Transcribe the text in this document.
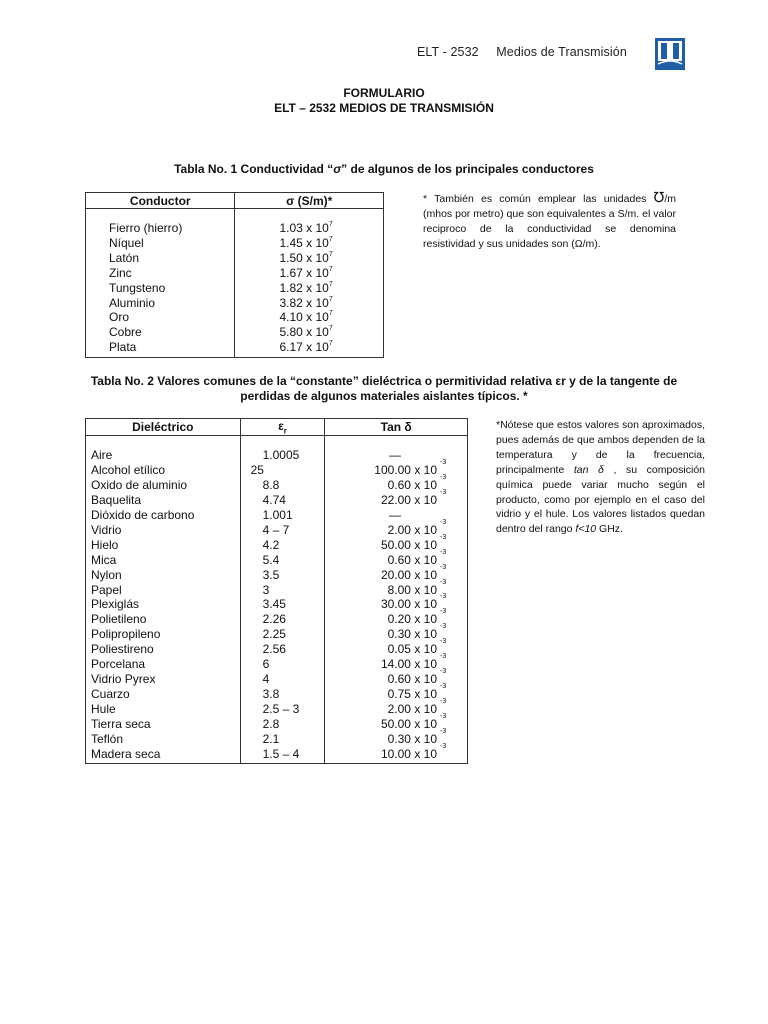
ELT - 2532 Medios de Transmisión
FORMULARIO
ELT – 2532 MEDIOS DE TRANSMISIÓN
Tabla No. 1 Conductividad “σ” de algunos de los principales conductores
Conductor	σ (S/m)*

Fierro (hierro)	1.03 x $10^7$
Níquel	1.45 x $10^7$
Latón	1.50 x $10^7$
Zinc	1.67 x $10^7$
Tungsteno	1.82 x $10^7$
Aluminio	3.82 x $10^7$
Oro	4.10 x $10^7$
Cobre	5.80 x $10^7$
Plata	6.17 x $10^7$
* También es común emplear las unidades ℧/m (mhos por metro) que son equivalentes a S/m. el valor reciproco de la conductividad se denomina resistividad y sus unidades son (Ω/m).
Tabla No. 2 Valores comunes de la “constante” dieléctrica o permitividad relativa εr y de la tangente de
perdidas de algunos materiales aislantes típicos. *
Dieléctrico	$\varepsilon_r$	Tan δ

Aire	1.0005	—
Alcohol etílico	25	100.00 x 10
-3

Oxido de aluminio	8.8	0.60 x 10
-3

Baquelita	4.74	22.00 x 10
-3

Dióxido de carbono	1.001	—
Vidrio	4 – 7	2.00 x 10
-3

Hielo	4.2	50.00 x 10
-3

Mica	5.4	0.60 x 10
-3

Nylon	3.5	20.00 x 10
-3

Papel	3	8.00 x 10
-3

Plexiglás	3.45	30.00 x 10
-3

Polietileno	2.26	0.20 x 10
-3

Polipropileno	2.25	0.30 x 10
-3

Poliestireno	2.56	0.05 x 10
-3

Porcelana	6	14.00 x 10
-3

Vidrio Pyrex	4	0.60 x 10
-3

Cuarzo	3.8	0.75 x 10
-3

Hule	2.5 – 3	2.00 x 10
-3

Tierra seca	2.8	50.00 x 10
-3

Teflón	2.1	0.30 x 10
-3

Madera seca	1.5 – 4	10.00 x 10
-3
*Nótese que estos valores son aproximados, pues además de que ambos dependen de la temperatura y de la frecuencia, principalmente tan δ , su composición química puede variar mucho según el producto, como por ejemplo en el caso del vidrio y el hule. Los valores listados quedan dentro del rango f<10 GHz.
